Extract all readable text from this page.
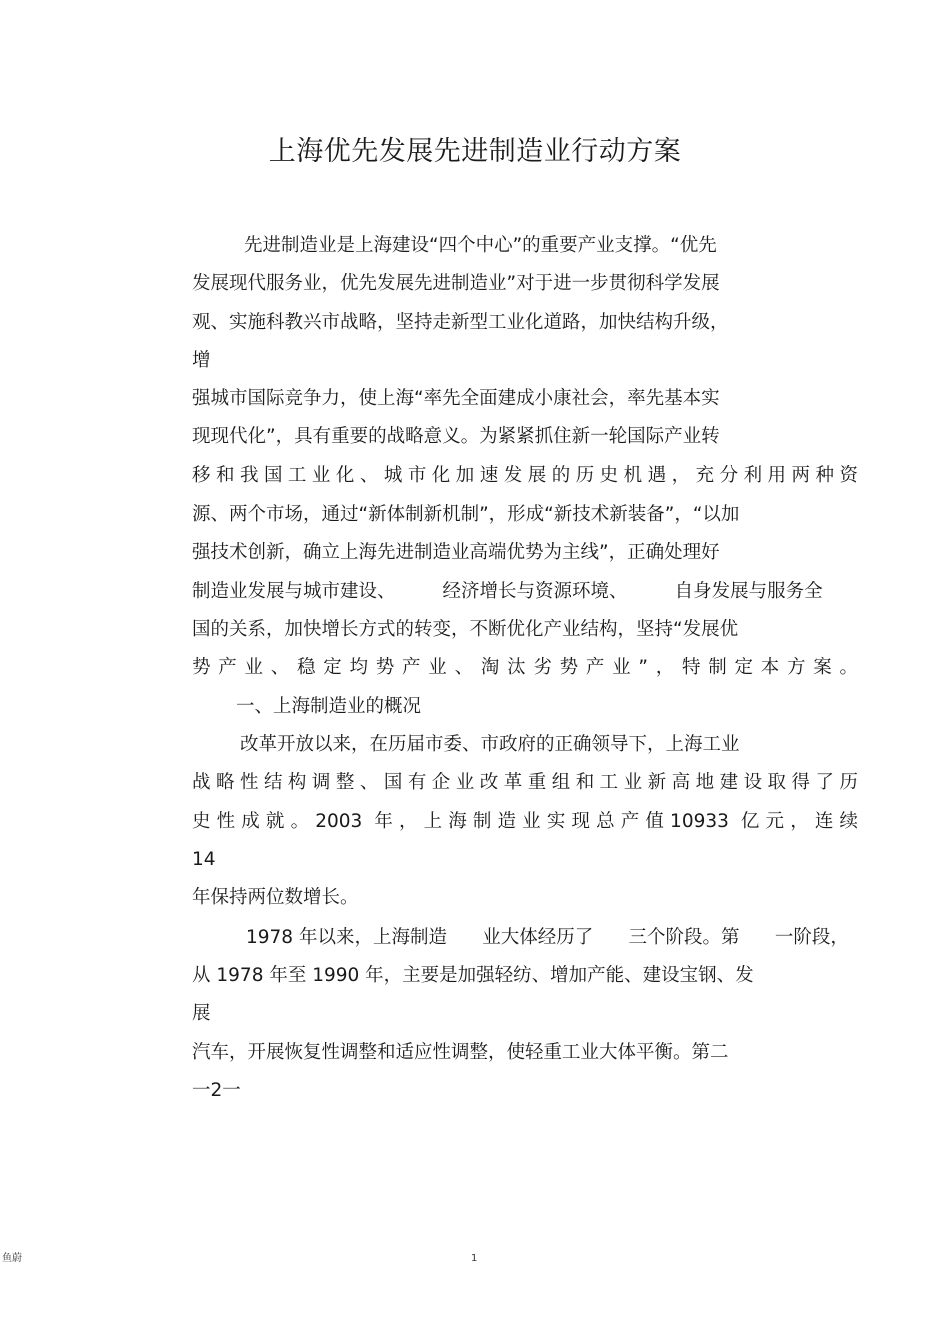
上海优先发展先进制造业行动方案
先进制造业是上海建设“四个中心”的重要产业支撑。“优先
发展现代服务业，优先发展先进制造业”对于进一步贯彻科学发展
观、实施科教兴市战略，坚持走新型工业化道路，加快结构升级，
增
强城市国际竞争力，使上海“率先全面建成小康社会，率先基本实
现现代化”，具有重要的战略意义。为紧紧抓住新一轮国际产业转
移和我国工业化、城市化加速发展的历史机遇，充分利用两种资
源、两个市场，通过“新体制新机制”，形成“新技术新装备”，“以加
强技术创新，确立上海先进制造业高端优势为主线”，正确处理好
制造业发展与城市建设、        经济增长与资源环境、        自身发展与服务全
国的关系，加快增长方式的转变，不断优化产业结构，坚持“发展优
势产业、稳定均势产业、淘汰劣势产业”，特制定本方案。
一、上海制造业的概况
改革开放以来，在历届市委、市政府的正确领导下，上海工业
战略性结构调整、国有企业改革重组和工业新高地建设取得了历
史性成就。2003 年，上海制造业实现总产值10933 亿元，连续
14
年保持两位数增长。
1978 年以来，上海制造      业大体经历了      三个阶段。第      一阶段，
从 1978 年至 1990 年，主要是加强轻纺、增加产能、建设宝钢、发
展
汽车，开展恢复性调整和适应性调整，使轻重工业大体平衡。第二
一2一
鱼蔚	1
